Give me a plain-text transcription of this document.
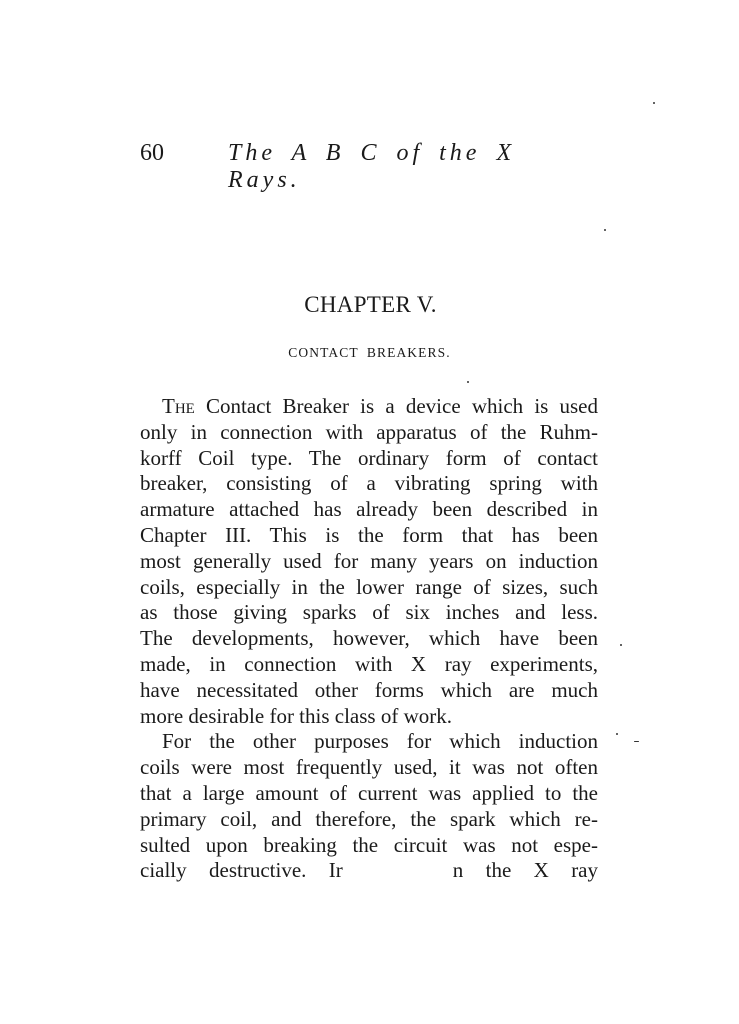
60	The A B C of the X Rays.
CHAPTER V.
CONTACT BREAKERS.
The Contact Breaker is a device which is used
only in connection with apparatus of the Ruhm-
korff Coil type. The ordinary form of contact
breaker, consisting of a vibrating spring with
armature attached has already been described in
Chapter III. This is the form that has been
most generally used for many years on induction
coils, especially in the lower range of sizes, such
as those giving sparks of six inches and less.
The developments, however, which have been
made, in connection with X ray experiments,
have necessitated other forms which are much
more desirable for this class of work.
For the other purposes for which induction
coils were most frequently used, it was not often
that a large amount of current was applied to the
primary coil, and therefore, the spark which re-
sulted upon breaking the circuit was not espe-
cially destructive. Ir	n the X ray
